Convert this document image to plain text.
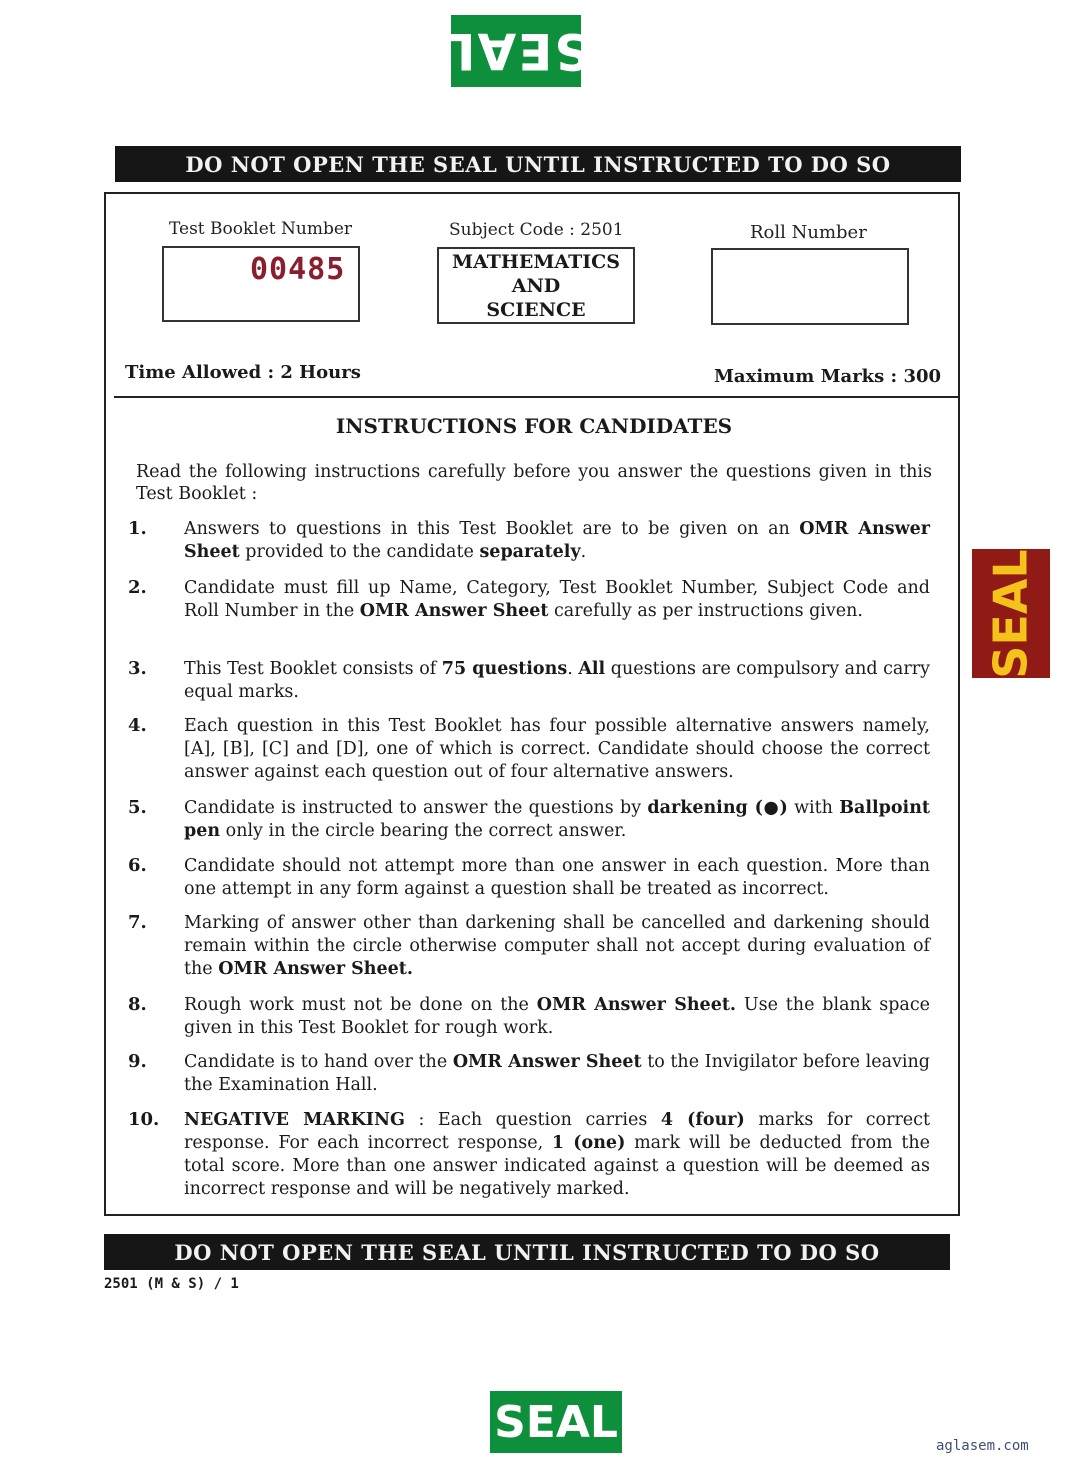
SEAL
DO NOT OPEN THE SEAL UNTIL INSTRUCTED TO DO SO
Test Booklet Number
00485
Subject Code : 2501
MATHEMATICS
AND
SCIENCE
Roll Number
Time Allowed : 2 Hours	Maximum Marks : 300
INSTRUCTIONS FOR CANDIDATES
Read the following instructions carefully before you answer the questions given in this Test Booklet :
1.	Answers to questions in this Test Booklet are to be given on an OMR Answer Sheet provided to the candidate separately.
2.	Candidate must fill up Name, Category, Test Booklet Number, Subject Code and Roll Number in the OMR Answer Sheet carefully as per instructions given.
3.	This Test Booklet consists of 75 questions. All questions are compulsory and carry equal marks.
4.	Each question in this Test Booklet has four possible alternative answers namely, [A], [B], [C] and [D], one of which is correct. Candidate should choose the correct answer against each question out of four alternative answers.
5.	Candidate is instructed to answer the questions by darkening (●) with Ballpoint pen only in the circle bearing the correct answer.
6.	Candidate should not attempt more than one answer in each question. More than one attempt in any form against a question shall be treated as incorrect.
7.	Marking of answer other than darkening shall be cancelled and darkening should remain within the circle otherwise computer shall not accept during evaluation of the OMR Answer Sheet.
8.	Rough work must not be done on the OMR Answer Sheet. Use the blank space given in this Test Booklet for rough work.
9.	Candidate is to hand over the OMR Answer Sheet to the Invigilator before leaving the Examination Hall.
10.	NEGATIVE MARKING : Each question carries 4 (four) marks for correct response. For each incorrect response, 1 (one) mark will be deducted from the total score. More than one answer indicated against a question will be deemed as incorrect response and will be negatively marked.
SEAL
DO NOT OPEN THE SEAL UNTIL INSTRUCTED TO DO SO
2501 (M & S) / 1
SEAL	aglasem.com
